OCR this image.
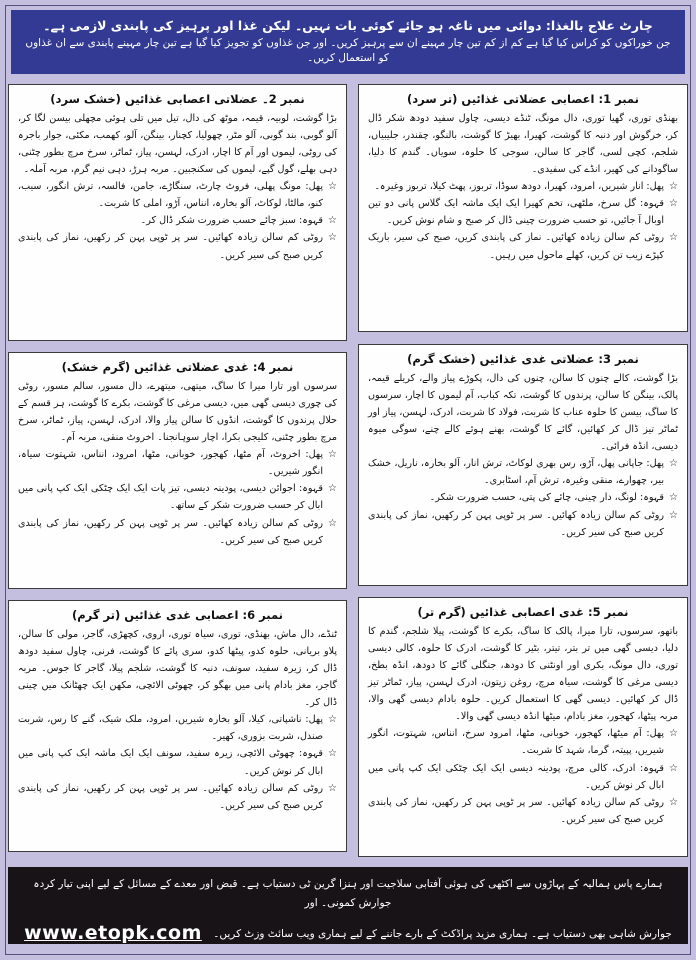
چارٹ علاج بالغذا: دوائی میں ناغہ ہو جائے کوئی بات نہیں۔ لیکن غذا اور پرہیز کی پابندی لازمی ہے۔
جن خوراکوں کو کراس کیا گیا ہے کم از کم تین چار مہینے ان سے پرہیز کریں۔ اور جن غذاوں کو تجویز کیا گیا ہے تین چار مہینے پابندی سے ان غذاوں کو استعمال کریں۔
نمبر 1: اعصابی عضلاتی غذائیں (تر سرد)

بھنڈی توری، گھیا توری، دال مونگ، ٹنڈے دیسی، چاول سفید دودھ شکر ڈال کر، خرگوش اور دنبہ کا گوشت، کھیرا، بھیڑ کا گوشت، بالنگو، چقندر، جلیبیاں، شلجم، کچی لسی، گاجر کا سالن، سوجی کا حلوہ، سویاں۔ گندم کا دلیا، ساگودانے کی کھیر، انڈے کی سفیدی۔

☆
پھل: انار شیریں، امرود، کھیرا، دودھ سوڈا، تربوز، پھٹ کیلا، تربوز وغیرہ۔

☆
قہوہ: گل سرخ، ملٹھی، تخم کھیرا ایک ایک ماشہ ایک گلاس پانی دو تین اوبال آ جائیں، تو حسب ضرورت چینی ڈال کر صبح و شام نوش کریں۔

☆
روٹی کم سالن زیادہ کھائیں۔ نماز کی پابندی کریں، صبح کی سیر، باریک کپڑے زیب تن کریں، کھلے ماحول میں رہیں۔

نمبر 2۔ عضلاتی اعصابی غذائیں (خشک سرد)

بڑا گوشت، لوبیہ، قیمہ، موٹھ کی دال، تیل میں تلی ہوئی مچھلی بیسن لگا کر، آلو گوبی، بند گوبی، آلو مٹر، چھولیا، کچنار، بینگن، آلو، کھمب، مکئی، جوار باجرہ کی روٹی، لیموں اور آم کا اچار، ادرک، لہسن، پیاز، ٹماٹر، سرخ مرچ بطور چٹنی، دہی بھلے، گول گپے، لیموں کی سکنجبین۔ مربہ ہرڑ، دہی نیم گرم، مربہ آملہ۔

☆
پھل: مونگ پھلی، فروٹ چارٹ، سنگاڑے، جامن، فالسہ، ترش انگور، سیب، کنو، مالٹا، لوکاٹ، آلو بخارہ، انناس، آڑو، املی کا شربت۔

☆
قہوہ: سبز چائے حسب ضرورت شکر ڈال کر۔

☆
روٹی کم سالن زیادہ کھائیں۔ سر پر ٹوپی پہن کر رکھیں، نماز کی پابندی کریں صبح کی سیر کریں۔

نمبر 3: عضلاتی غدی غذائیں (خشک گرم)

بڑا گوشت، کالے چنوں کا سالن، چنوں کی دال، پکوڑے پیاز والے، کریلے قیمہ، پالک، بینگن کا سالن، پرندوں کا گوشت، تکہ کباب، آم لیموں کا اچار، سرسوں کا ساگ، بیسن کا حلوہ عناب کا شربت، فولاد کا شربت، ادرک، لہسن، پیاز اور ٹماٹر تیز ڈال کر کھائیں، گائے کا گوشت، بھنے ہوئے کالے چنے، سوگی میوہ دیسی، انڈہ فرائی۔

☆
پھل: جاپانی پھل، آڑو، رس بھری لوکاٹ، ترش انار، آلو بخارہ، ناریل، خشک بیر، چھوارے، منقی وغیرہ، ترش آم، اسٹابری۔

☆
قہوہ: لونگ، دار چینی، چائے کی پتی، حسب ضرورت شکر۔

☆
روٹی کم سالن زیادہ کھائیں۔ سر پر ٹوپی پہن کر رکھیں، نماز کی پابندی کریں صبح کی سیر کریں۔

نمبر 4: غدی عضلاتی غذائیں (گرم خشک)

سرسوں اور تارا میرا کا ساگ، میتھی، میتھرے، دال مسور، سالم مسور، روٹی کی چوری دیسی گھی میں، دیسی مرغی کا گوشت، بکرے کا گوشت، ہر قسم کے حلال پرندوں کا گوشت، انڈوں کا سالن پیاز والا، ادرک، لہسن، پیاز، ٹماٹر، سرخ مرچ بطور چٹنی، کلیجی بکرا، اچار سوہانجنا۔ اخروٹ منقی، مربہ آم۔

☆
پھل: اخروٹ، آم مٹھا، کھجور، خوبانی، مٹھا، امرود، انناس، شہتوت سیاہ، انگور شیریں۔

☆
قہوہ: اجوائن دیسی، پودینہ دیسی، تیز پات ایک ایک چٹکی ایک کپ پانی میں ابال کر حسب ضرورت شکر کے ساتھ۔

☆
روٹی کم سالن زیادہ کھائیں۔ سر پر ٹوپی پہن کر رکھیں، نماز کی پابندی کریں صبح کی سیر کریں۔

نمبر 5: غدی اعصابی غذائیں (گرم تر)

باتھو، سرسوں، تارا میرا، پالک کا ساگ، بکرے کا گوشت، پیلا شلجم، گندم کا دلیا، دیسی گھی میں تر بتر، تیتر، بٹیر کا گوشت، ادرک کا حلوہ، کالی دیسی توری، دال مونگ، بکری اور اونٹنی کا دودھ، جنگلی گائے کا دودھ، انڈہ بطخ، دیسی مرغی کا گوشت، سیاہ مرچ، روغن زیتون، ادرک لہسن، پیاز، ٹماٹر تیز ڈال کر کھائیں۔ دیسی گھی کا استعمال کریں۔ حلوہ بادام دیسی گھی والا، مربہ پیٹھا، کھجور، مغز بادام، میٹھا انڈہ دیسی گھی والا۔

☆
پھل: آم میٹھا، کھجور، خوبانی، مٹھا، امرود سرخ، انناس، شہتوت، انگور شیریں، پپیتہ، گرما، شہد کا شربت۔

☆
قہوہ: ادرک، کالی مرچ، پودینہ دیسی ایک ایک چٹکی ایک کپ پانی میں ابال کر نوش کریں۔

☆
روٹی کم سالن زیادہ کھائیں۔ سر پر ٹوپی پہن کر رکھیں، نماز کی پابندی کریں صبح کی سیر کریں۔

نمبر 6: اعصابی غدی غذائیں (تر گرم)

ٹنڈے، دال ماش، بھنڈی، توری، سیاہ توری، اروی، کچھڑی، گاجر، مولی کا سالن، پلاو بریانی، حلوہ کدو، پیٹھا کدو، سری پائے کا گوشت، فرنی، چاول سفید دودھ ڈال کر، زیرہ سفید، سونف، دنبہ کا گوشت، شلجم پیلا، گاجر کا جوس۔ مربہ گاجر، مغز بادام پانی میں بھگو کر، چھوٹی الائچی، مکھن ایک چھٹانک میں چینی ڈال کر۔

☆
پھل: ناشپاتی، کیلا، آلو بخارہ شیریں، امرود، ملک شیک، گنے کا رس، شربت صندل، شربت بزوری، کھیر۔

☆
قہوہ: چھوٹی الائچی، زیرہ سفید، سونف ایک ایک ماشہ ایک کپ پانی میں ابال کر نوش کریں۔

☆
روٹی کم سالن زیادہ کھائیں۔ سر پر ٹوپی پہن کر رکھیں، نماز کی پابندی کریں صبح کی سیر کریں۔

ہمارے پاس ہمالیہ کے پہاڑوں سے اکٹھی کی ہوئی آفتابی سلاجیت اور ہنزا گرین ٹی دستیاب ہے۔ قبض اور معدے کے مسائل کے لیے اپنی تیار کردہ جوارش کمونی۔ اور
جوارش شاہی بھی دستیاب ہے۔ ہماری مزید پراڈکٹ کے بارے جاننے کے لیے ہماری ویب سائٹ وزٹ کریں۔ www.etopk.com
